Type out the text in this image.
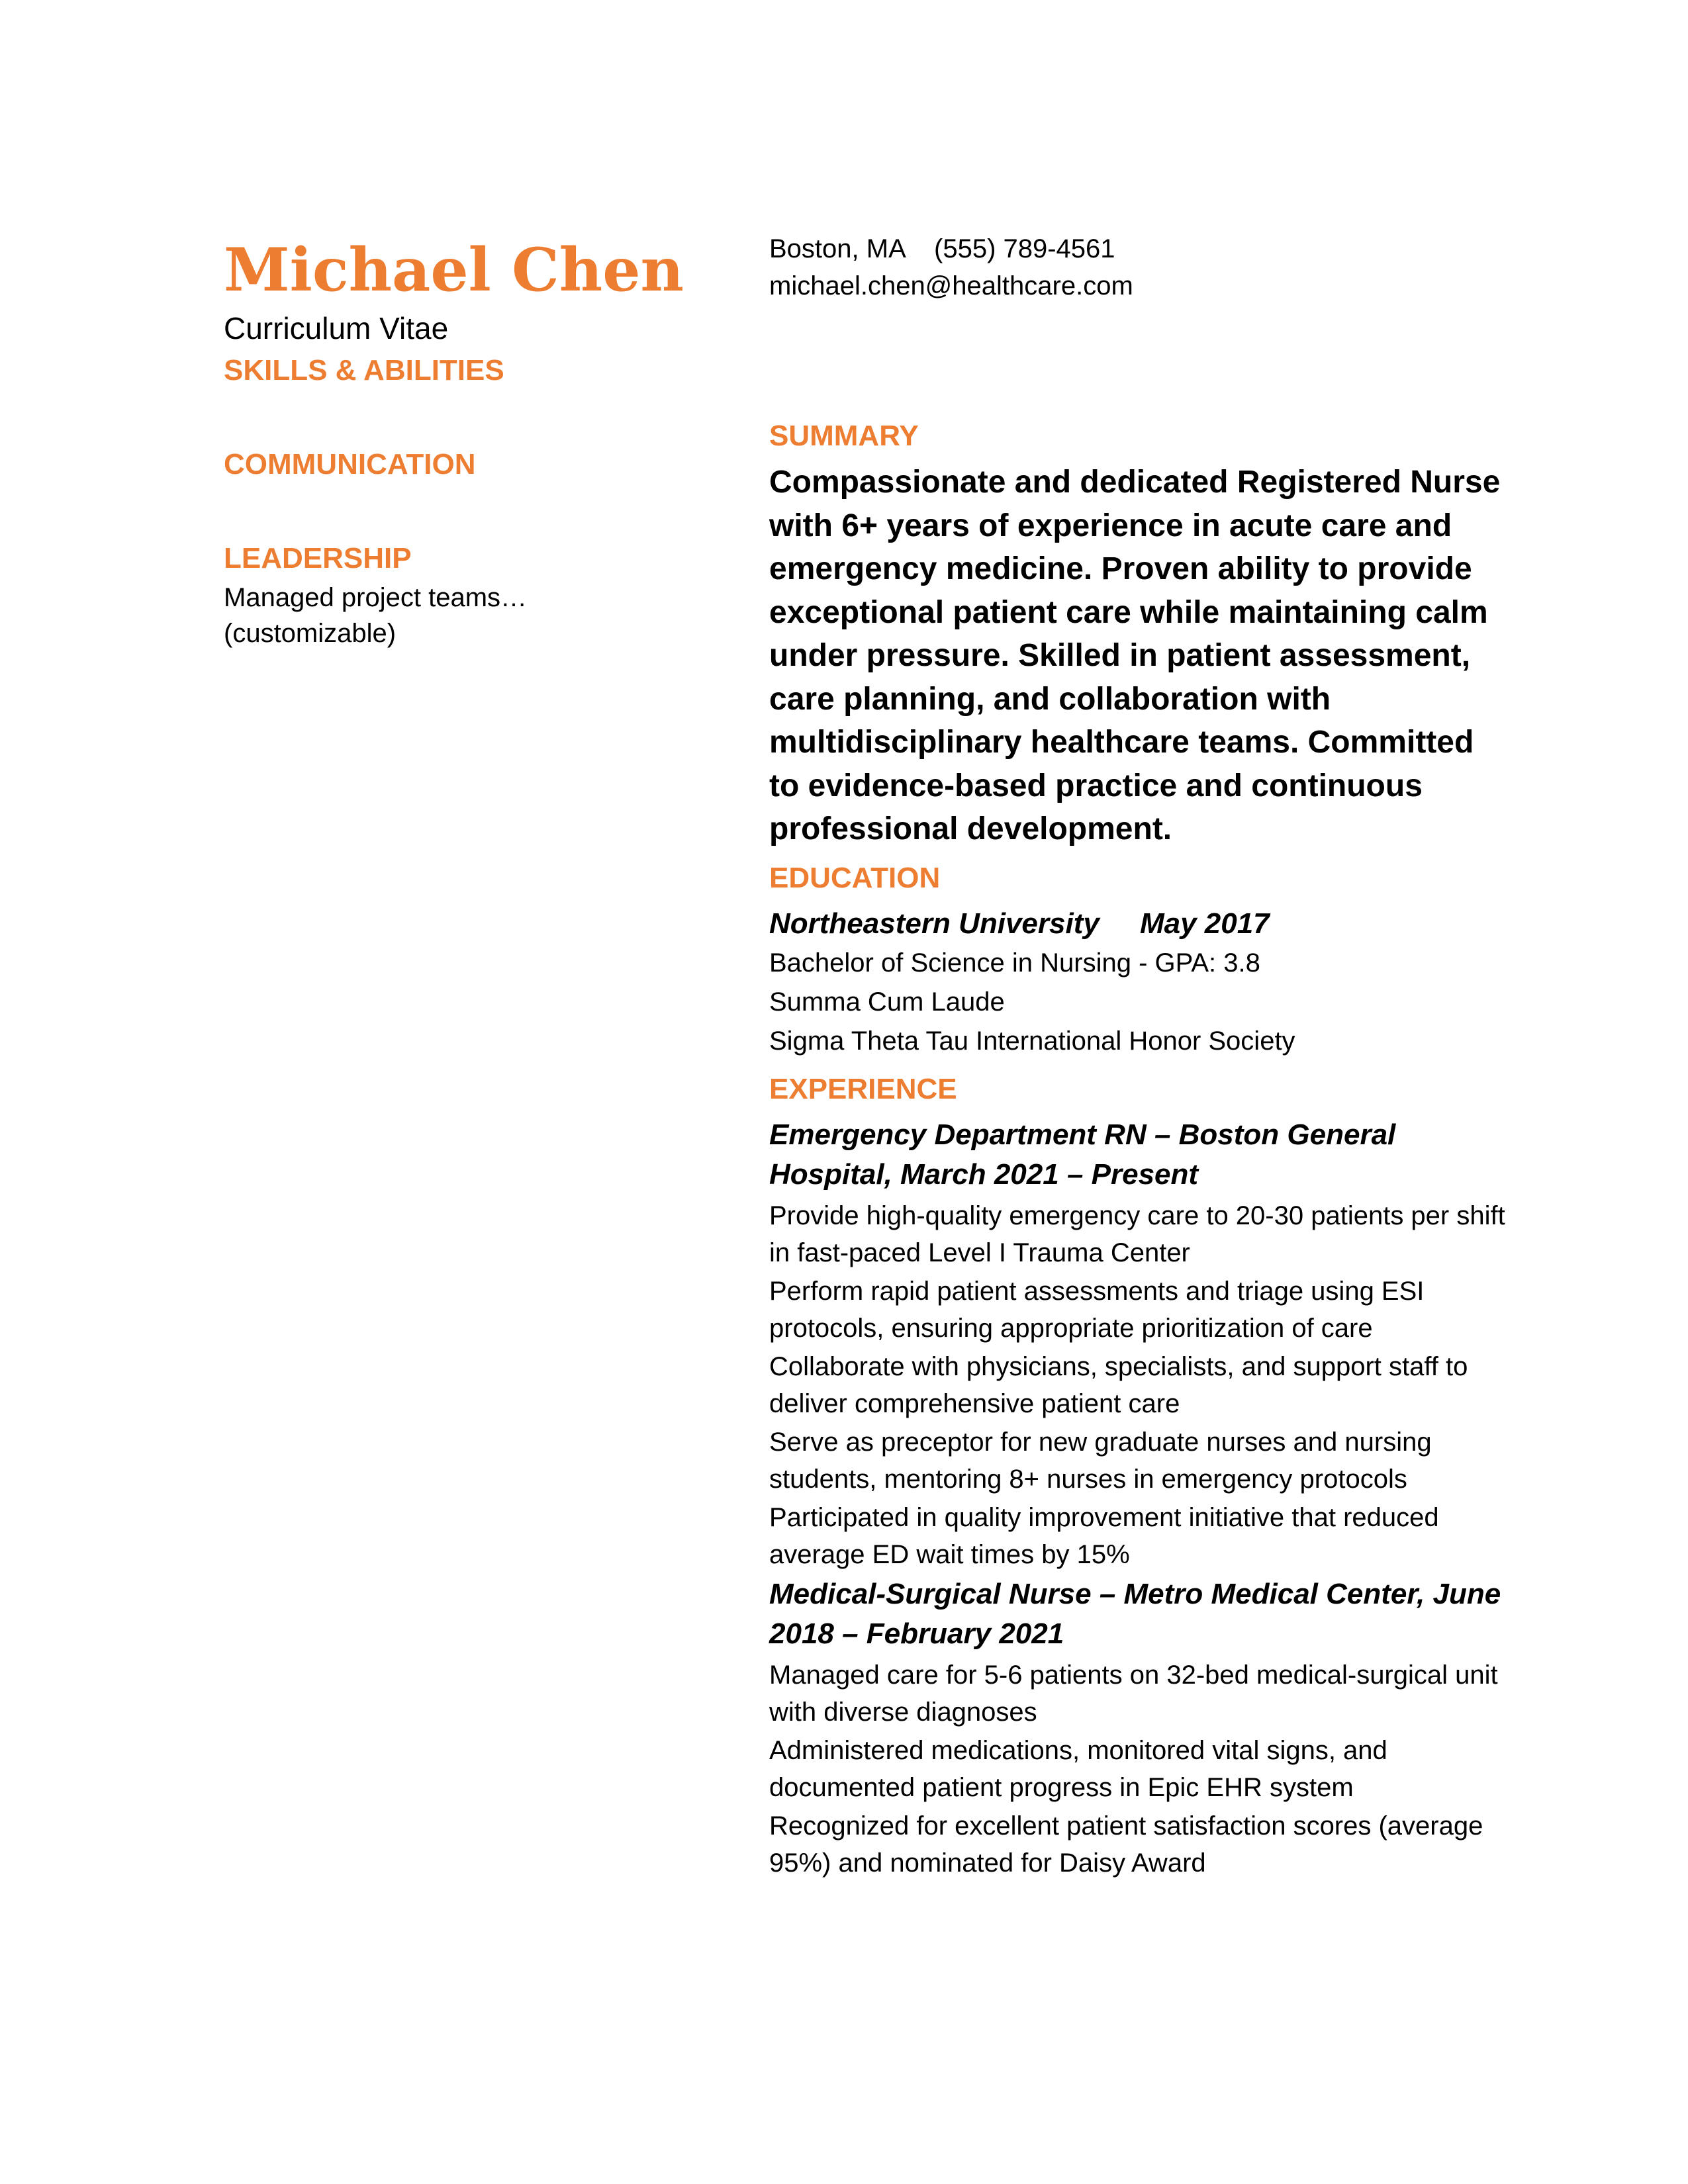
Michael Chen
Curriculum Vitae
SKILLS & ABILITIES
COMMUNICATION
LEADERSHIP
Managed project teams…
(customizable)
Boston, MA    (555) 789-4561
michael.chen@healthcare.com
SUMMARY

Compassionate and dedicated Registered Nurse with 6+ years of experience in acute care and emergency medicine. Proven ability to provide exceptional patient care while maintaining calm under pressure. Skilled in patient assessment, care planning, and collaboration with multidisciplinary healthcare teams. Committed to evidence-based practice and continuous professional development.

EDUCATION
Northeastern University     May 2017
Bachelor of Science in Nursing - GPA: 3.8
Summa Cum Laude
Sigma Theta Tau International Honor Society
EXPERIENCE
Emergency Department RN – Boston General Hospital, March 2021 – Present
Provide high-quality emergency care to 20-30 patients per shift in fast-paced Level I Trauma Center
Perform rapid patient assessments and triage using ESI protocols, ensuring appropriate prioritization of care
Collaborate with physicians, specialists, and support staff to deliver comprehensive patient care
Serve as preceptor for new graduate nurses and nursing students, mentoring 8+ nurses in emergency protocols
Participated in quality improvement initiative that reduced average ED wait times by 15%
Medical-Surgical Nurse – Metro Medical Center, June 2018 – February 2021
Managed care for 5-6 patients on 32-bed medical-surgical unit with diverse diagnoses
Administered medications, monitored vital signs, and documented patient progress in Epic EHR system
Recognized for excellent patient satisfaction scores (average 95%) and nominated for Daisy Award
